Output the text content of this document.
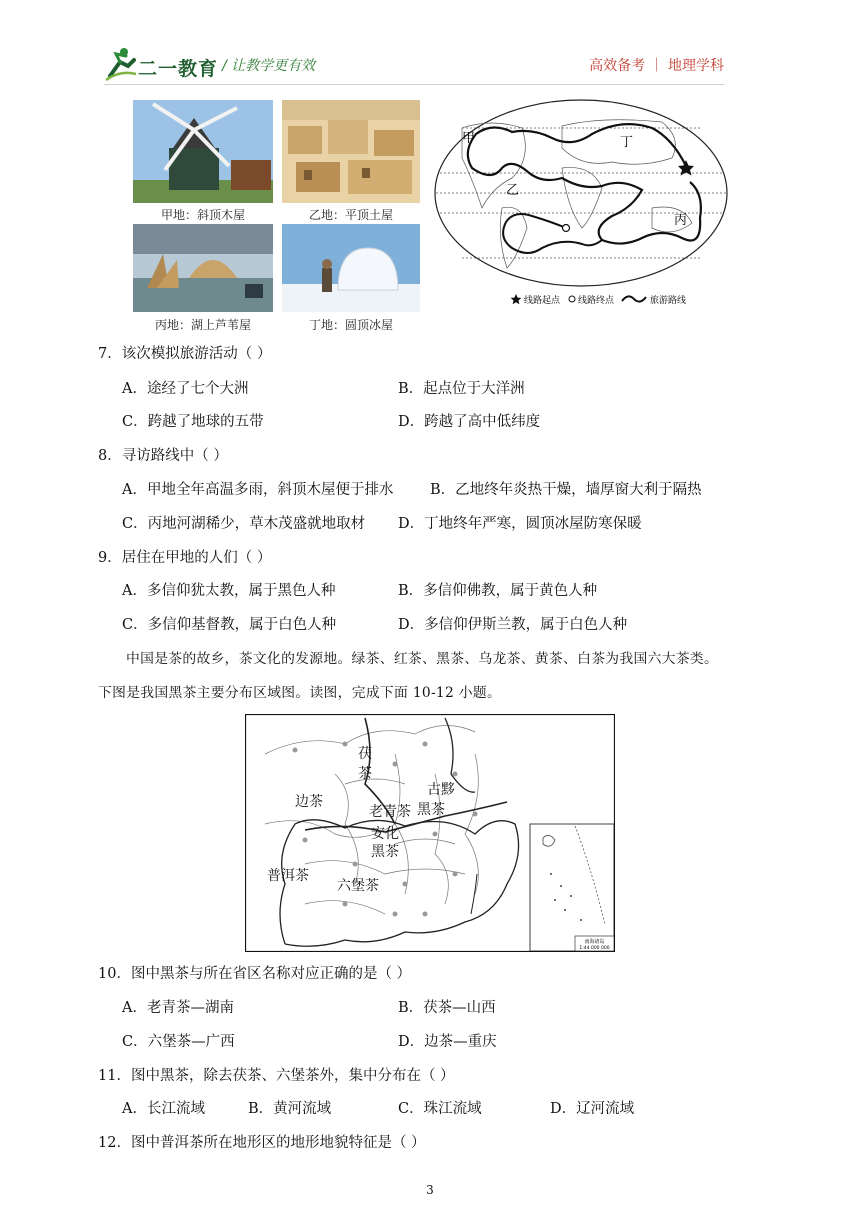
二一教育 / 让教学更有效	高效备考 ｜ 地理学科
甲地：斜顶木屋	乙地：平顶土屋
丙地：湖上芦苇屋	丁地：圆顶冰屋
甲
乙
丙
丁
线路起点 线路终点	旅游路线
7．该次模拟旅游活动（ ）
A．途经了七个大洲	B．起点位于大洋洲
C．跨越了地球的五带	D．跨越了高中低纬度
8．寻访路线中（ ）
A．甲地全年高温多雨，斜顶木屋便于排水	B．乙地终年炎热干燥，墙厚窗大利于隔热
C．丙地河湖稀少，草木茂盛就地取材 D．丁地终年严寒，圆顶冰屋防寒保暖
9．居住在甲地的人们（ ）
A．多信仰犹太教，属于黑色人种	B．多信仰佛教，属于黄色人种
C．多信仰基督教，属于白色人种	D．多信仰伊斯兰教，属于白色人种
中国是茶的故乡，茶文化的发源地。绿茶、红茶、黑茶、乌龙茶、黄茶、白茶为我国六大茶类。
下图是我国黑茶主要分布区域图。读图，完成下面 10-12 小题。
南海诸岛
1:44 000 000
茯
茶
边茶
老青茶
古 黟
黑茶
安化
黑茶
普洱茶
六堡茶
10．图中黑茶与所在省区名称对应正确的是（ ）
A．老青茶—湖南	B．茯茶—山西
C．六堡茶—广西	D．边茶—重庆
11．图中黑茶，除去茯茶、六堡茶外，集中分布在（ ）
A．长江流域	B．黄河流域	C．珠江流域	D．辽河流域
12．图中普洱茶所在地形区的地形地貌特征是（ ）
3
